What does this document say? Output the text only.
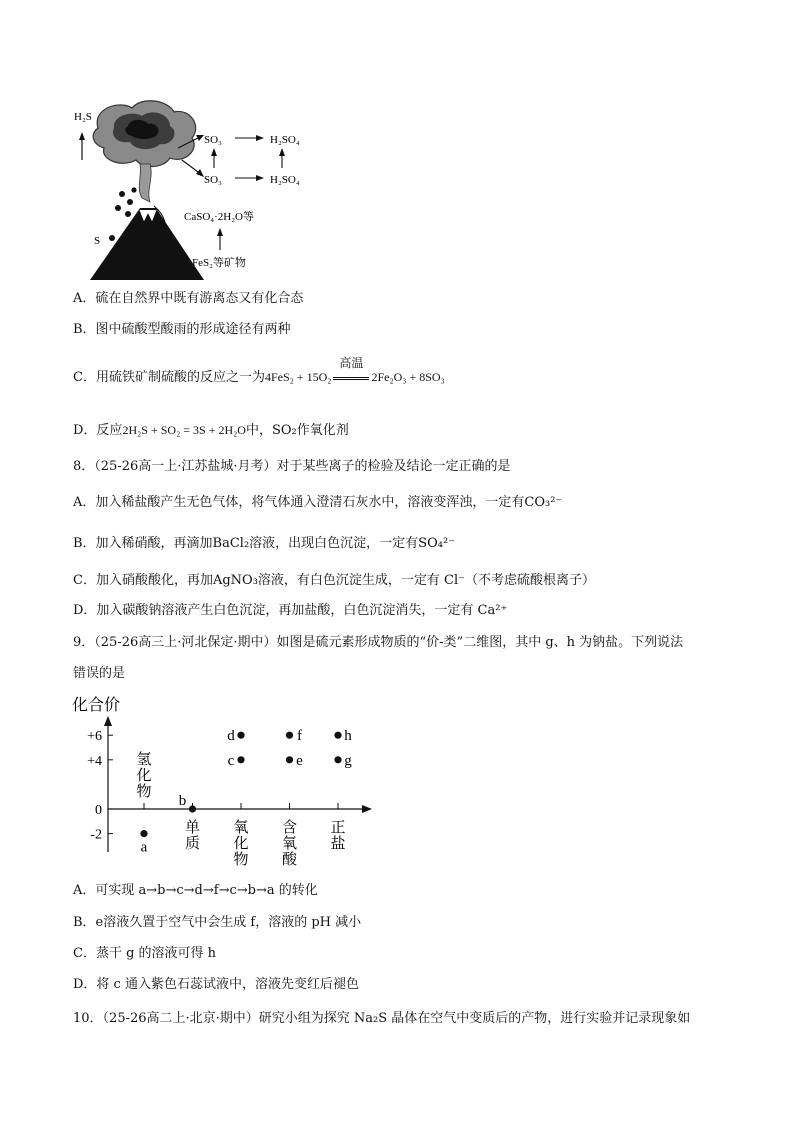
H₂S
SO₃	H₂SO₄
SO₃	H₂SO₄
S
CaSO₄·2H₂O等
FeS₂等矿物
A．硫在自然界中既有游离态又有化合态
B．图中硫酸型酸雨的形成途径有两种
C．用硫铁矿制硫酸的反应之一为4FeS₂ + 15O₂
高温
2Fe₂O₃ + 8SO₃
D．反应2H₂S + SO₂ = 3S + 2H₂O中，SO₂作氧化剂
8．（25-26高一上·江苏盐城·月考）对于某些离子的检验及结论一定正确的是
A．加入稀盐酸产生无色气体，将气体通入澄清石灰水中，溶液变浑浊，一定有CO₃²⁻
B．加入稀硝酸，再滴加BaCl₂溶液，出现白色沉淀，一定有SO₄²⁻
C．加入硝酸酸化，再加AgNO₃溶液，有白色沉淀生成，一定有 Cl⁻（不考虑硫酸根离子）
D．加入碳酸钠溶液产生白色沉淀，再加盐酸，白色沉淀消失，一定有 Ca²⁺
9．（25-26高三上·河北保定·期中）如图是硫元素形成物质的“价-类”二维图，其中 g、h 为钠盐。下列说法
错误的是
化合价
+6
+4
0
-2
氢化物
单质
氧化物
含氧酸
正盐
a
b
c
d
e
f
g
h
A．可实现 a→b→c→d→f→c→b→a 的转化
B．e溶液久置于空气中会生成 f，溶液的 pH 减小
C．蒸干 g 的溶液可得 h
D．将 c 通入紫色石蕊试液中，溶液先变红后褪色
10．（25-26高二上·北京·期中）研究小组为探究 Na₂S 晶体在空气中变质后的产物，进行实验并记录现象如
